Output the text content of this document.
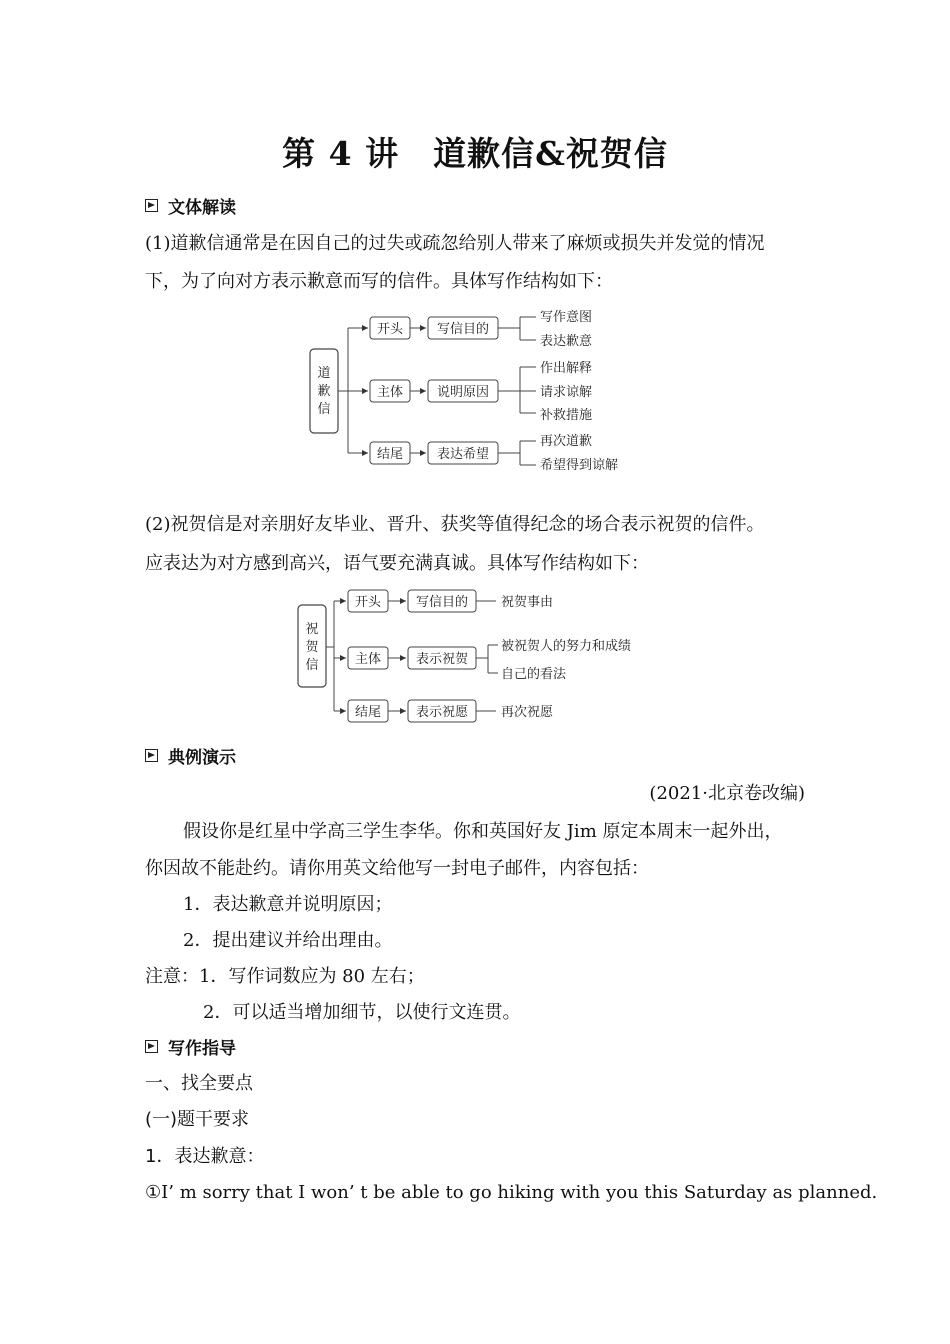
第 4 讲　道歉信&祝贺信
文体解读
(1)道歉信通常是在因自己的过失或疏忽给别人带来了麻烦或损失并发觉的情况
下，为了向对方表示歉意而写的信件。具体写作结构如下：
道
歉
信
开头	写信目的
写作意图
表达歉意
主体	说明原因
作出解释
请求谅解
补救措施
结尾	表达希望
再次道歉
希望得到谅解
(2)祝贺信是对亲朋好友毕业、晋升、获奖等值得纪念的场合表示祝贺的信件。
应表达为对方感到高兴，语气要充满真诚。具体写作结构如下：
祝
贺
信
开头	写信目的	祝贺事由
主体	表示祝贺
被祝贺人的努力和成绩
自己的看法
结尾	表示祝愿	再次祝愿
典例演示
(2021·北京卷改编)
假设你是红星中学高三学生李华。你和英国好友 Jim 原定本周末一起外出，
你因故不能赴约。请你用英文给他写一封电子邮件，内容包括：
1．表达歉意并说明原因；
2．提出建议并给出理由。
注意：1．写作词数应为 80 左右；
2．可以适当增加细节，以使行文连贯。
写作指导
一、找全要点
(一)题干要求
1．表达歉意：
①I’ m sorry that I won’ t be able to go hiking with you this Saturday as planned.
